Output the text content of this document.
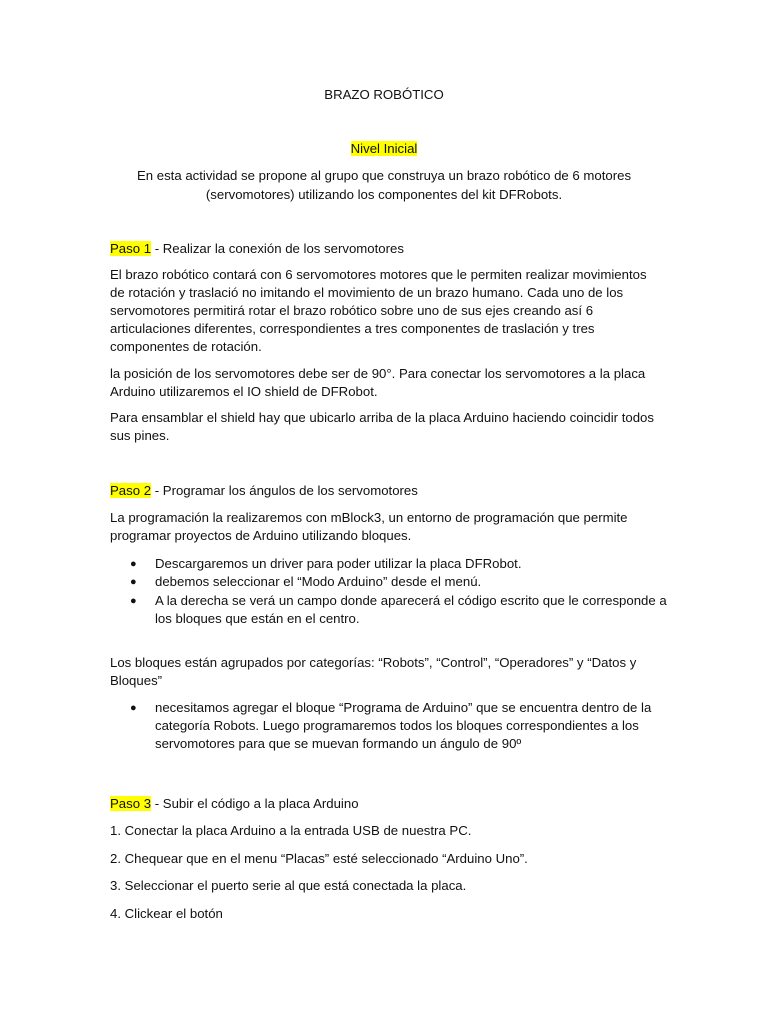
BRAZO ROBÓTICO
Nivel Inicial
En esta actividad se propone al grupo que construya un brazo robótico de 6 motores
(servomotores) utilizando los componentes del kit DFRobots.
Paso 1 - Realizar la conexión de los servomotores
El brazo robótico contará con 6 servomotores motores que le permiten realizar movimientos
de rotación y traslació no imitando el movimiento de un brazo humano. Cada uno de los
servomotores permitirá rotar el brazo robótico sobre uno de sus ejes creando así 6
articulaciones diferentes, correspondientes a tres componentes de traslación y tres
componentes de rotación.
la posición de los servomotores debe ser de 90°. Para conectar los servomotores a la placa
Arduino utilizaremos el IO shield de DFRobot.
Para ensamblar el shield hay que ubicarlo arriba de la placa Arduino haciendo coincidir todos
sus pines.
Paso 2 - Programar los ángulos de los servomotores
La programación la realizaremos con mBlock3, un entorno de programación que permite
programar proyectos de Arduino utilizando bloques.
● Descargaremos un driver para poder utilizar la placa DFRobot.
● debemos seleccionar el “Modo Arduino” desde el menú.
● A la derecha se verá un campo donde aparecerá el código escrito que le corresponde a
los bloques que están en el centro.
Los bloques están agrupados por categorías: “Robots”, “Control”, “Operadores” y “Datos y
Bloques”
● necesitamos agregar el bloque “Programa de Arduino” que se encuentra dentro de la
categoría Robots. Luego programaremos todos los bloques correspondientes a los
servomotores para que se muevan formando un ángulo de 90º
Paso 3 - Subir el código a la placa Arduino
1. Conectar la placa Arduino a la entrada USB de nuestra PC.
2. Chequear que en el menu “Placas” esté seleccionado “Arduino Uno”.
3. Seleccionar el puerto serie al que está conectada la placa.
4. Clickear el botón
